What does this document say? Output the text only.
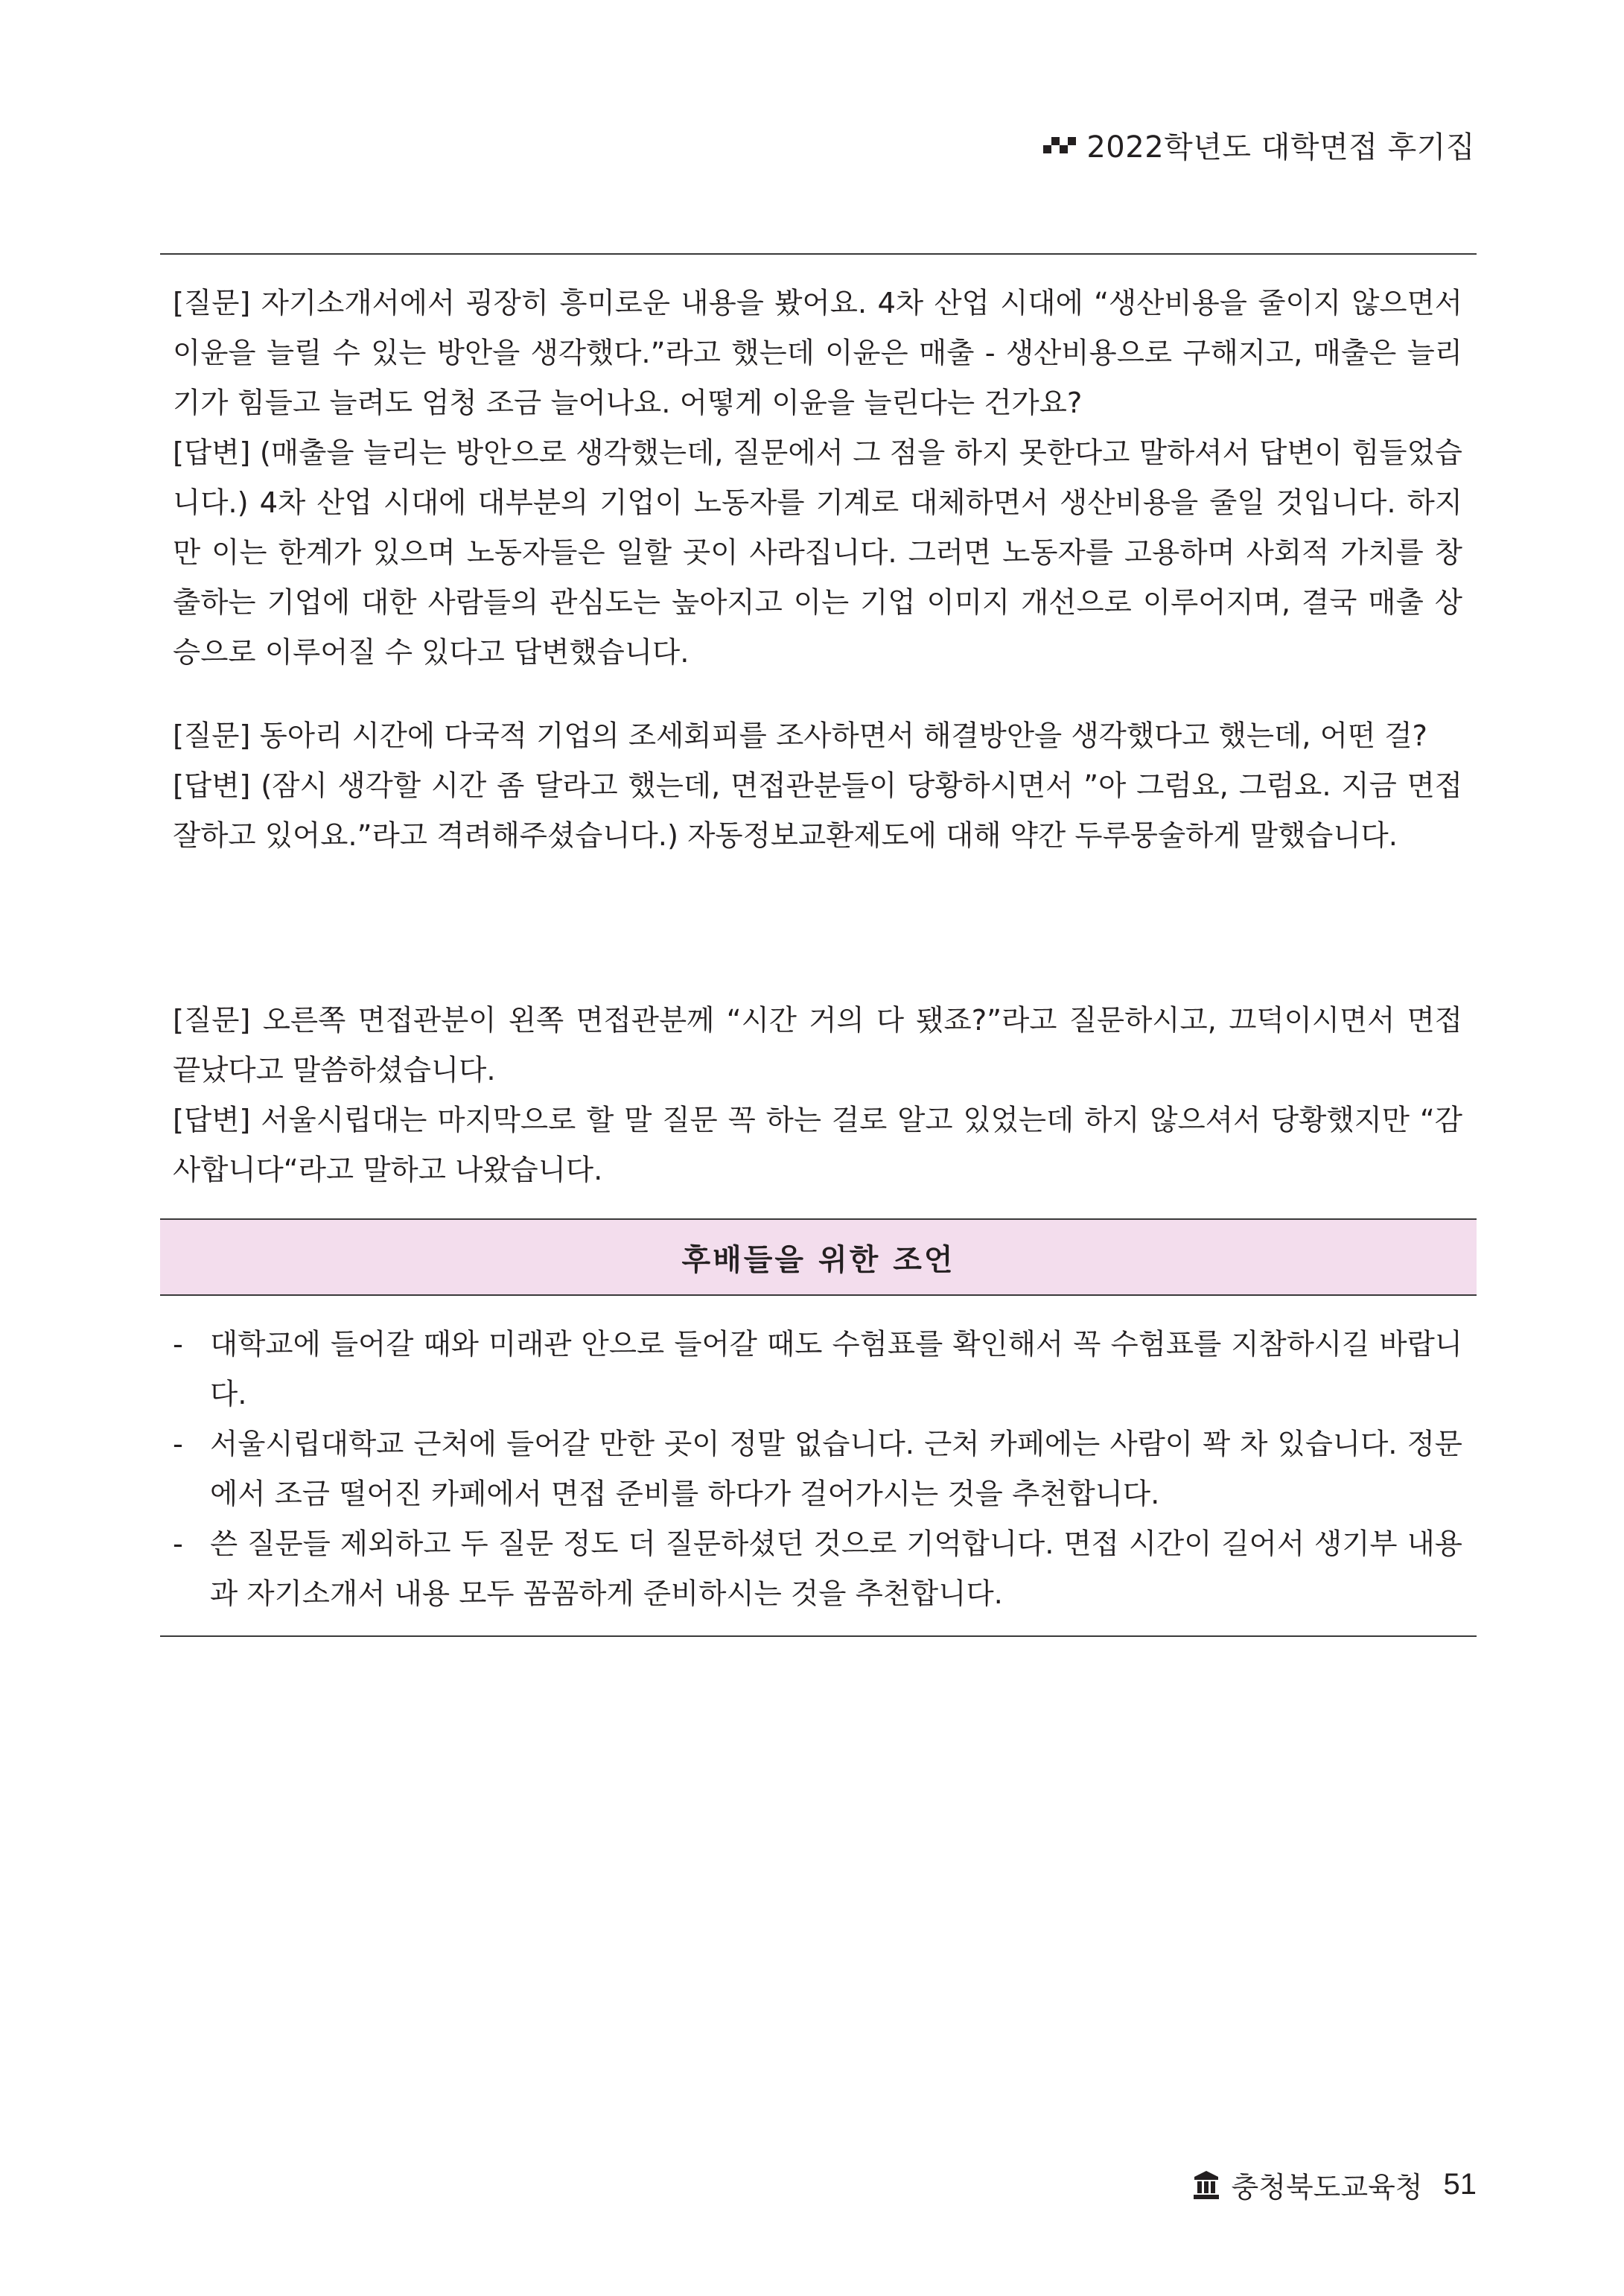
2022학년도 대학면접 후기집

[질문] 자기소개서에서 굉장히 흥미로운 내용을 봤어요. 4차 산업 시대에 “생산비용을 줄이지 않으면서 이윤을 늘릴 수 있는 방안을 생각했다.”라고 했는데 이윤은 매출 - 생산비용으로 구해지고, 매출은 늘리기가 힘들고 늘려도 엄청 조금 늘어나요. 어떻게 이윤을 늘린다는 건가요?

[답변] (매출을 늘리는 방안으로 생각했는데, 질문에서 그 점을 하지 못한다고 말하셔서 답변이 힘들었습니다.) 4차 산업 시대에 대부분의 기업이 노동자를 기계로 대체하면서 생산비용을 줄일 것입니다. 하지만 이는 한계가 있으며 노동자들은 일할 곳이 사라집니다. 그러면 노동자를 고용하며 사회적 가치를 창출하는 기업에 대한 사람들의 관심도는 높아지고 이는 기업 이미지 개선으로 이루어지며, 결국 매출 상승으로 이루어질 수 있다고 답변했습니다.

[질문] 동아리 시간에 다국적 기업의 조세회피를 조사하면서 해결방안을 생각했다고 했는데, 어떤 걸?

[답변] (잠시 생각할 시간 좀 달라고 했는데, 면접관분들이 당황하시면서 ”아 그럼요, 그럼요. 지금 면접 잘하고 있어요.”라고 격려해주셨습니다.) 자동정보교환제도에 대해 약간 두루뭉술하게 말했습니다.

[질문] 오른쪽 면접관분이 왼쪽 면접관분께 “시간 거의 다 됐죠?”라고 질문하시고, 끄덕이시면서 면접 끝났다고 말씀하셨습니다.

[답변] 서울시립대는 마지막으로 할 말 질문 꼭 하는 걸로 알고 있었는데 하지 않으셔서 당황했지만 “감사합니다“라고 말하고 나왔습니다.

후배들을 위한 조언
- 대학교에 들어갈 때와 미래관 안으로 들어갈 때도 수험표를 확인해서 꼭 수험표를 지참하시길 바랍니다.
- 서울시립대학교 근처에 들어갈 만한 곳이 정말 없습니다. 근처 카페에는 사람이 꽉 차 있습니다. 정문에서 조금 떨어진 카페에서 면접 준비를 하다가 걸어가시는 것을 추천합니다.
- 쓴 질문들 제외하고 두 질문 정도 더 질문하셨던 것으로 기억합니다. 면접 시간이 길어서 생기부 내용과 자기소개서 내용 모두 꼼꼼하게 준비하시는 것을 추천합니다.
충청북도교육청 51
